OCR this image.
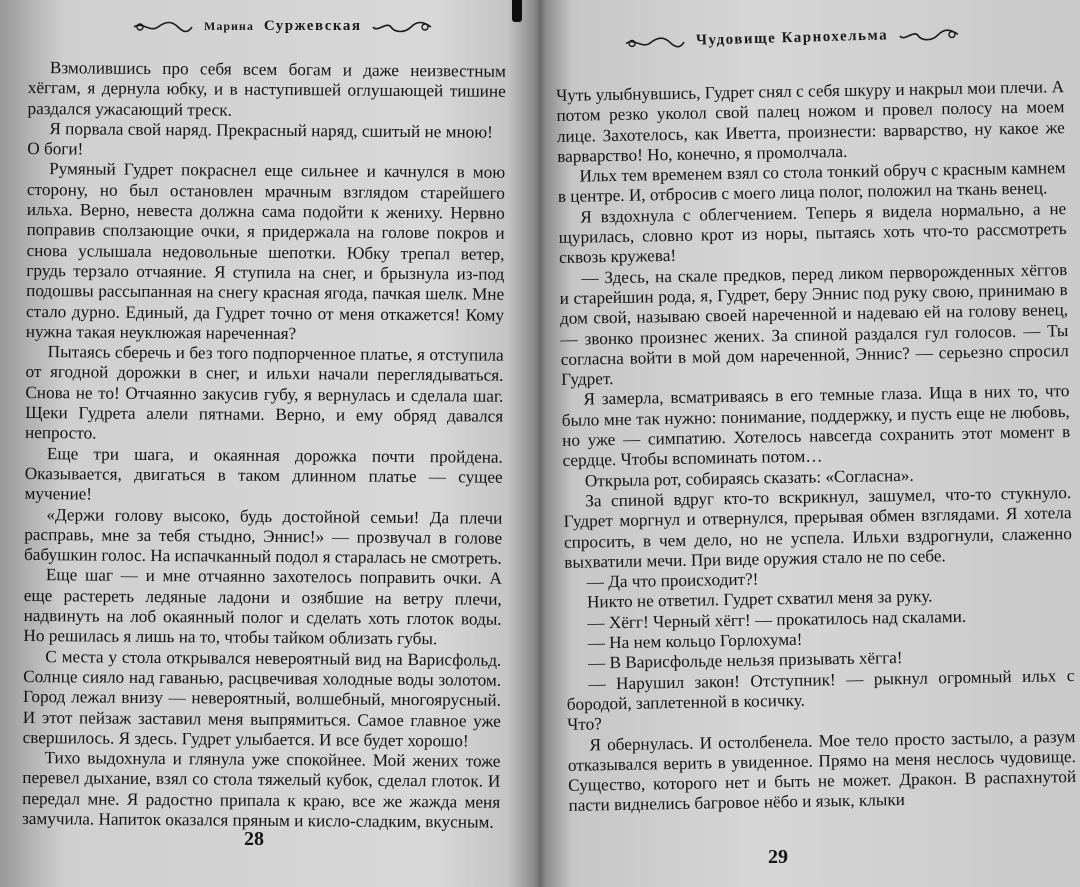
Марина Суржевская

Взмолившись про себя всем богам и даже неизвестным хёггам, я дернула юбку, и в наступившей оглушающей тишине раздался ужасающий треск.

Я порвала свой наряд. Прекрасный наряд, сшитый не мною!

О боги!

Румяный Гудрет покраснел еще сильнее и качнулся в мою сторону, но был остановлен мрачным взглядом старейшего ильха. Верно, невеста должна сама подойти к жениху. Нервно поправив сползающие очки, я придержала на голове покров и снова услышала недовольные шепотки. Юбку трепал ветер, грудь терзало отчаяние. Я ступила на снег, и брызнула из-под подошвы рассыпанная на снегу красная ягода, пачкая шелк. Мне стало дурно. Единый, да Гудрет точно от меня откажется! Кому нужна такая неуклюжая нареченная?

Пытаясь сберечь и без того подпорченное платье, я отступила от ягодной дорожки в снег, и ильхи начали переглядываться. Снова не то! Отчаянно закусив губу, я вернулась и сделала шаг. Щеки Гудрета алели пятнами. Верно, и ему обряд давался непросто.

Еще три шага, и окаянная дорожка почти пройдена. Оказывается, двигаться в таком длинном платье — сущее мучение!

«Держи голову высоко, будь достойной семьи! Да плечи расправь, мне за тебя стыдно, Эннис!» — прозвучал в голове бабушкин голос. На испачканный подол я старалась не смотреть.

Еще шаг — и мне отчаянно захотелось поправить очки. А еще растереть ледяные ладони и озябшие на ветру плечи, надвинуть на лоб окаянный полог и сделать хоть глоток воды. Но решилась я лишь на то, чтобы тайком облизать губы.

С места у стола открывался невероятный вид на Варисфольд. Солнце сияло над гаванью, расцвечивая холодные воды золотом. Город лежал внизу — невероятный, волшебный, многоярусный. И этот пейзаж заставил меня выпрямиться. Самое главное уже свершилось. Я здесь. Гудрет улыбается. И все будет хорошо!

Тихо выдохнула и глянула уже спокойнее. Мой жених тоже перевел дыхание, взял со стола тяжелый кубок, сделал глоток. И передал мне. Я радостно припала к краю, все же жажда меня замучила. Напиток оказался пряным и кисло-сладким, вкусным.

28
Чудовище Карнохельма

Чуть улыбнувшись, Гудрет снял с себя шкуру и накрыл мои плечи. А потом резко уколол свой палец ножом и провел полосу на моем лице. Захотелось, как Иветта, произнести: варварство, ну какое же варварство! Но, конечно, я промолчала.

Ильх тем временем взял со стола тонкий обруч с красным камнем в центре. И, отбросив с моего лица полог, положил на ткань венец.

Я вздохнула с облегчением. Теперь я видела нормально, а не щурилась, словно крот из норы, пытаясь хоть что-то рассмотреть сквозь кружева!

— Здесь, на скале предков, перед ликом перворожденных хёггов и старейшин рода, я, Гудрет, беру Эннис под руку свою, принимаю в дом свой, называю своей нареченной и надеваю ей на голову венец, — звонко произнес жених. За спиной раздался гул голосов. — Ты согласна войти в мой дом нареченной, Эннис? — серьезно спросил Гудрет.

Я замерла, всматриваясь в его темные глаза. Ища в них то, что было мне так нужно: понимание, поддержку, и пусть еще не любовь, но уже — симпатию. Хотелось навсегда сохранить этот момент в сердце. Чтобы вспоминать потом…

Открыла рот, собираясь сказать: «Согласна».

За спиной вдруг кто-то вскрикнул, зашумел, что-то стукнуло. Гудрет моргнул и отвернулся, прерывая обмен взглядами. Я хотела спросить, в чем дело, но не успела. Ильхи вздрогнули, слаженно выхватили мечи. При виде оружия стало не по себе.

— Да что происходит?!

Никто не ответил. Гудрет схватил меня за руку.

— Хёгг! Черный хёгг! — прокатилось над скалами.

— На нем кольцо Горлохума!

— В Варисфольде нельзя призывать хёгга!

— Нарушил закон! Отступник! — рыкнул огромный ильх с бородой, заплетенной в косичку.

Что?

Я обернулась. И остолбенела. Мое тело просто застыло, а разум отказывался верить в увиденное. Прямо на меня неслось чудовище. Существо, которого нет и быть не может. Дракон. В распахнутой пасти виднелись багровое нёбо и язык, клыки

29
